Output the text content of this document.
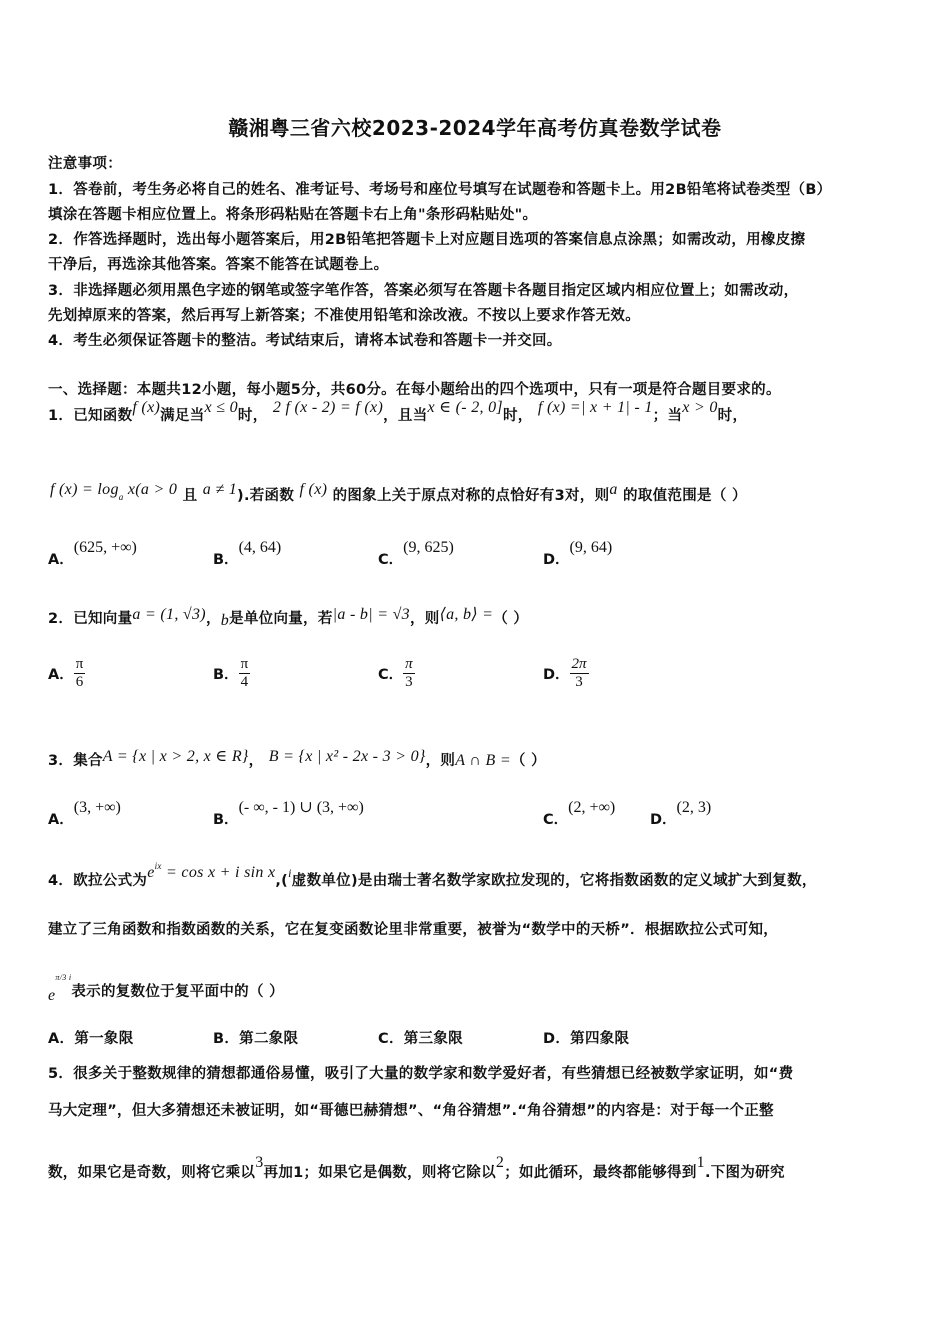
赣湘粤三省六校2023-2024学年高考仿真卷数学试卷
注意事项：
1．答卷前，考生务必将自己的姓名、准考证号、考场号和座位号填写在试题卷和答题卡上。用2B铅笔将试卷类型（B）
填涂在答题卡相应位置上。将条形码粘贴在答题卡右上角"条形码粘贴处"。
2．作答选择题时，选出每小题答案后，用2B铅笔把答题卡上对应题目选项的答案信息点涂黑；如需改动，用橡皮擦
干净后，再选涂其他答案。答案不能答在试题卷上。
3．非选择题必须用黑色字迹的钢笔或签字笔作答，答案必须写在答题卡各题目指定区域内相应位置上；如需改动，
先划掉原来的答案，然后再写上新答案；不准使用铅笔和涂改液。不按以上要求作答无效。
4．考生必须保证答题卡的整洁。考试结束后，请将本试卷和答题卡一并交回。
一、选择题：本题共12小题，每小题5分，共60分。在每小题给出的四个选项中，只有一项是符合题目要求的。
1．已知函数f (x)满足当x ≤ 0时， 2 f (x - 2) = f (x)，且当x ∈ (- 2, 0]时， f (x) =| x + 1| - 1；当x > 0时，
f $(x) = \log_a x(a > 0$ 且 a ≠ 1).若函数 f (x) 的图象上关于原点对称的点恰好有3对，则a 的取值范围是（ ）
A．(625, +∞)
B．(4, 64)
C．(9, 625)
D．(9, 64)
2．已知向量a = (1, √3)，b是单位向量，若|a - b| = √3，则⟨a, b⟩ =（ ）
A． $\frac{\pi}{6}$	B． $\frac{\pi}{4}$	C． $\frac{\pi}{3}$	D． $\frac{2\pi}{3}$
3．集合A = {x | x > 2, x ∈ R}， B = {x | x² - 2x - 3 > 0}，则A ∩ B =（ ）
A．(3, +∞)
B．(- ∞, - 1) ∪ (3, +∞)
C．(2, +∞)
D．(2, 3)
4．欧拉公式为$e^{ix} = \cos x + i$ sin x,($^i$虚数单位)是由瑞士著名数学家欧拉发现的，它将指数函数的定义域扩大到复数，
建立了三角函数和指数函数的关系，它在复变函数论里非常重要，被誉为“数学中的天桥”．根据欧拉公式可知，
$e^{\pi/3 i}$表示的复数位于复平面中的（ ）
A．第一象限	B．第二象限	C．第三象限	D．第四象限
5．很多关于整数规律的猜想都通俗易懂，吸引了大量的数学家和数学爱好者，有些猜想已经被数学家证明，如“费
马大定理”，但大多猜想还未被证明，如“哥德巴赫猜想”、“角谷猜想”.“角谷猜想”的内容是：对于每一个正整
数，如果它是奇数，则将它乘以3再加1；如果它是偶数，则将它除以2；如此循环，最终都能够得到1.下图为研究
